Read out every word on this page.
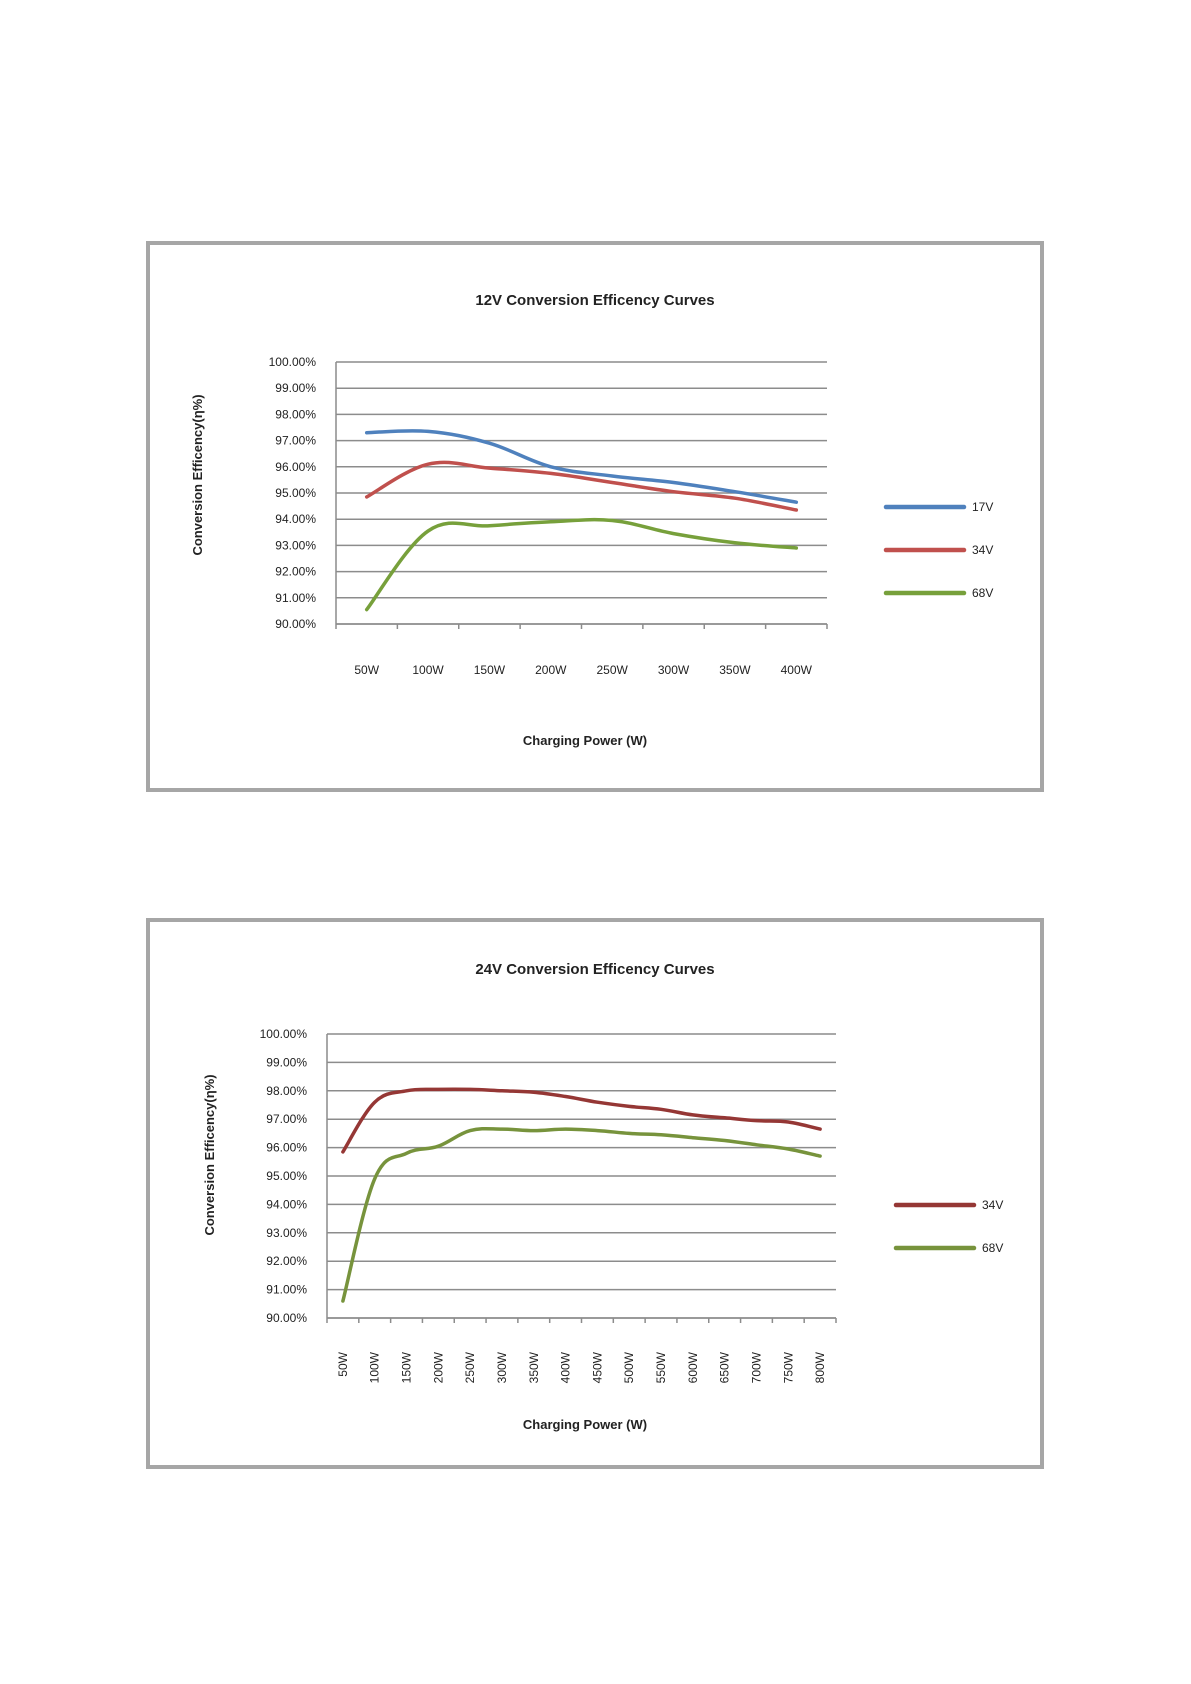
12V Conversion Efficency Curves
Conversion Efficency(η%)
90.00%
91.00%
92.00%
93.00%
94.00%
95.00%
96.00%
97.00%
98.00%
99.00%
100.00%
50W	100W	150W	200W	250W	300W	350W	400W
Charging Power (W)
17V
34V
68V
24V Conversion Efficency Curves
Conversion Efficency(η%)
90.00%
91.00%
92.00%
93.00%
94.00%
95.00%
96.00%
97.00%
98.00%
99.00%
100.00%
50W 100W 150W 200W 250W 300W 350W 400W 450W 500W 550W 600W 650W 700W 750W 800W
Charging Power (W)
34V
68V
